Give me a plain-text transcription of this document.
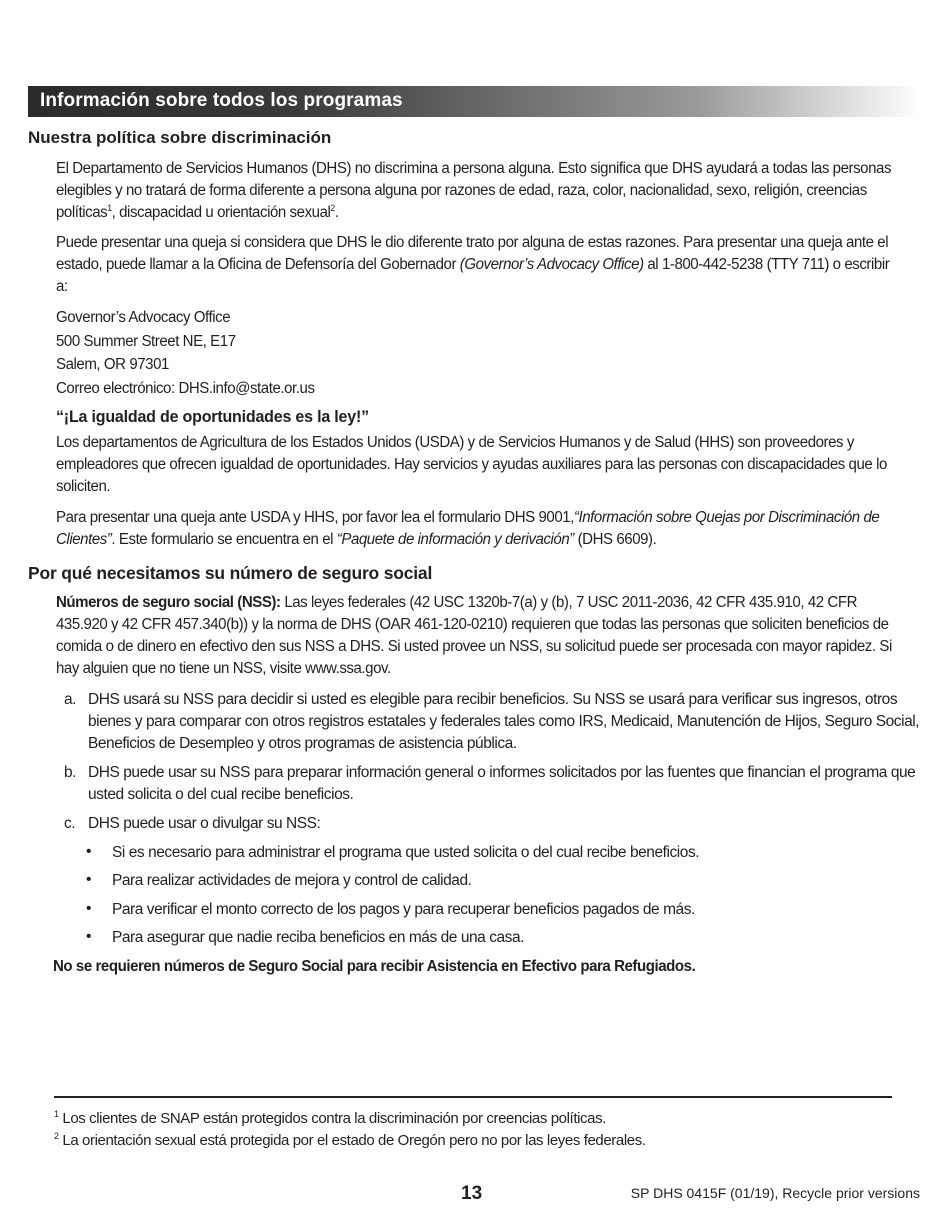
Información sobre todos los programas
Nuestra política sobre discriminación

El Departamento de Servicios Humanos (DHS) no discrimina a persona alguna. Esto significa que DHS ayudará a todas las personas elegibles y no tratará de forma diferente a persona alguna por razones de edad, raza, color, nacionalidad, sexo, religión, creencias políticas$^1$, discapacidad u orientación sexual$^2$.

Puede presentar una queja si considera que DHS le dio diferente trato por alguna de estas razones. Para presentar una queja ante el estado, puede llamar a la Oficina de Defensoría del Gobernador (Governor’s Advocacy Office) al 1-800-442-5238 (TTY 711) o escribir a:

Governor’s Advocacy Office

500 Summer Street NE, E17

Salem, OR 97301

Correo electrónico: DHS.info@state.or.us

“¡La igualdad de oportunidades es la ley!”

Los departamentos de Agricultura de los Estados Unidos (USDA) y de Servicios Humanos y de Salud (HHS) son proveedores y empleadores que ofrecen igualdad de oportunidades. Hay servicios y ayudas auxiliares para las personas con discapacidades que lo soliciten.

Para presentar una queja ante USDA y HHS, por favor lea el formulario DHS 9001,“Información sobre Quejas por Discriminación de Clientes”. Este formulario se encuentra en el “Paquete de información y derivación” (DHS 6609).

Por qué necesitamos su número de seguro social

Números de seguro social (NSS): Las leyes federales (42 USC 1320b-7(a) y (b), 7 USC 2011-2036, 42 CFR 435.910, 42 CFR 435.920 y 42 CFR 457.340(b)) y la norma de DHS (OAR 461-120-0210) requieren que todas las personas que soliciten beneficios de comida o de dinero en efectivo den sus NSS a DHS. Si usted provee un NSS, su solicitud puede ser procesada con mayor rapidez. Si hay alguien que no tiene un NSS, visite www.ssa.gov.

a. DHS usará su NSS para decidir si usted es elegible para recibir beneficios. Su NSS se usará para verificar sus ingresos, otros bienes y para comparar con otros registros estatales y federales tales como IRS, Medicaid, Manutención de Hijos, Seguro Social, Beneficios de Desempleo y otros programas de asistencia pública.
b. DHS puede usar su NSS para preparar información general o informes solicitados por las fuentes que financian el programa que usted solicita o del cual recibe beneficios.
c. DHS puede usar o divulgar su NSS:
• Si es necesario para administrar el programa que usted solicita o del cual recibe beneficios.
• Para realizar actividades de mejora y control de calidad.
• Para verificar el monto correcto de los pagos y para recuperar beneficios pagados de más.
• Para asegurar que nadie reciba beneficios en más de una casa.
No se requieren números de Seguro Social para recibir Asistencia en Efectivo para Refugiados.
$^1$ Los clientes de SNAP están protegidos contra la discriminación por creencias políticas.
$^2$ La orientación sexual está protegida por el estado de Oregón pero no por las leyes federales.
13	SP DHS 0415F (01/19), Recycle prior versions
